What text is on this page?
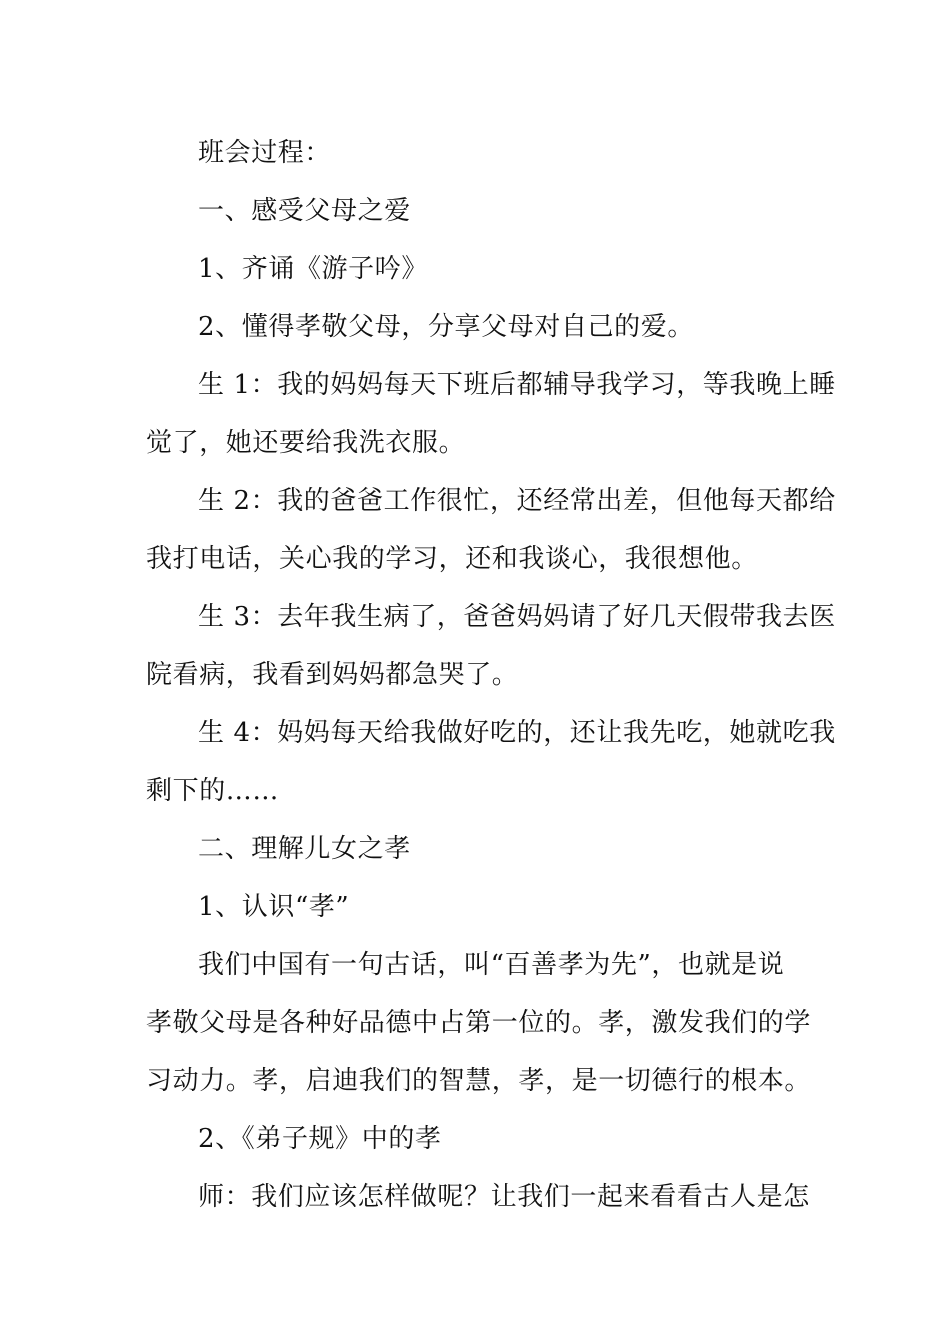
班会过程：
一、感受父母之爱
1、齐诵《游子吟》
2、懂得孝敬父母，分享父母对自己的爱。
生 1：我的妈妈每天下班后都辅导我学习，等我晚上睡
觉了，她还要给我洗衣服。
生 2：我的爸爸工作很忙，还经常出差，但他每天都给
我打电话，关心我的学习，还和我谈心，我很想他。
生 3：去年我生病了，爸爸妈妈请了好几天假带我去医
院看病，我看到妈妈都急哭了。
生 4：妈妈每天给我做好吃的，还让我先吃，她就吃我
剩下的……
二、理解儿女之孝
1、认识“孝”
我们中国有一句古话，叫“百善孝为先”，也就是说
孝敬父母是各种好品德中占第一位的。孝，激发我们的学
习动力。孝，启迪我们的智慧，孝，是一切德行的根本。
2、《弟子规》中的孝
师：我们应该怎样做呢？让我们一起来看看古人是怎
